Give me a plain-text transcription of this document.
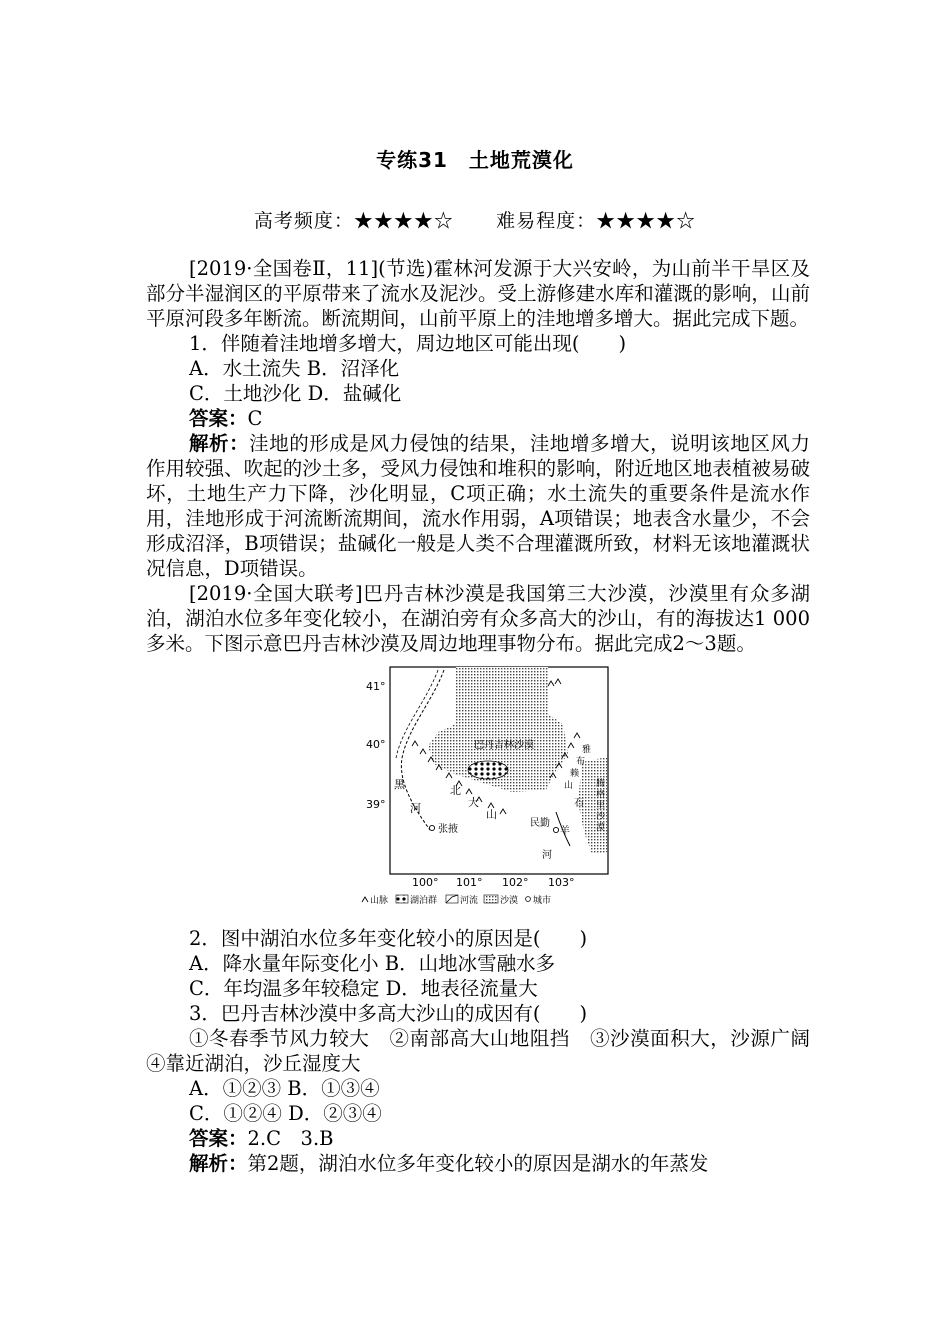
专练31　土地荒漠化
高考频度：★★★★☆ 难易程度：★★★★☆

[2019·全国卷Ⅱ，11](节选)霍林河发源于大兴安岭，为山前半干旱区及部分半湿润区的平原带来了流水及泥沙。受上游修建水库和灌溉的影响，山前平原河段多年断流。断流期间，山前平原上的洼地增多增大。据此完成下题。

1．伴随着洼地增多增大，周边地区可能出现(　　)

A．水土流失 B．沼泽化

C．土地沙化 D．盐碱化

答案：C

解析：洼地的形成是风力侵蚀的结果，洼地增多增大，说明该地区风力作用较强、吹起的沙土多，受风力侵蚀和堆积的影响，附近地区地表植被易破坏，土地生产力下降，沙化明显，C项正确；水土流失的重要条件是流水作用，洼地形成于河流断流期间，流水作用弱，A项错误；地表含水量少，不会形成沼泽，B项错误；盐碱化一般是人类不合理灌溉所致，材料无该地灌溉状况信息，D项错误。

[2019·全国大联考]巴丹吉林沙漠是我国第三大沙漠，沙漠里有众多湖泊，湖泊水位多年变化较小，在湖泊旁有众多高大的沙山，有的海拔达1 000多米。下图示意巴丹吉林沙漠及周边地理事物分布。据此完成2～3题。

41°
40°
39°
100° 101° 102° 103°
巴丹吉林沙漠
北
大
山
黑
河
雅
布
赖
山	腾
格
里
沙
漠
石
羊
河
张掖
民勤
山脉 湖泊群	河流 沙漠 城市

2．图中湖泊水位多年变化较小的原因是(　　)

A．降水量年际变化小 B．山地冰雪融水多

C．年均温多年较稳定 D．地表径流量大

3．巴丹吉林沙漠中多高大沙山的成因有(　　)

①冬春季节风力较大　②南部高大山地阻挡　③沙漠面积大，沙源广阔　④靠近湖泊，沙丘湿度大

A．①②③ B．①③④

C．①②④ D．②③④

答案：2.C　3.B

解析：第2题，湖泊水位多年变化较小的原因是湖水的年蒸发
